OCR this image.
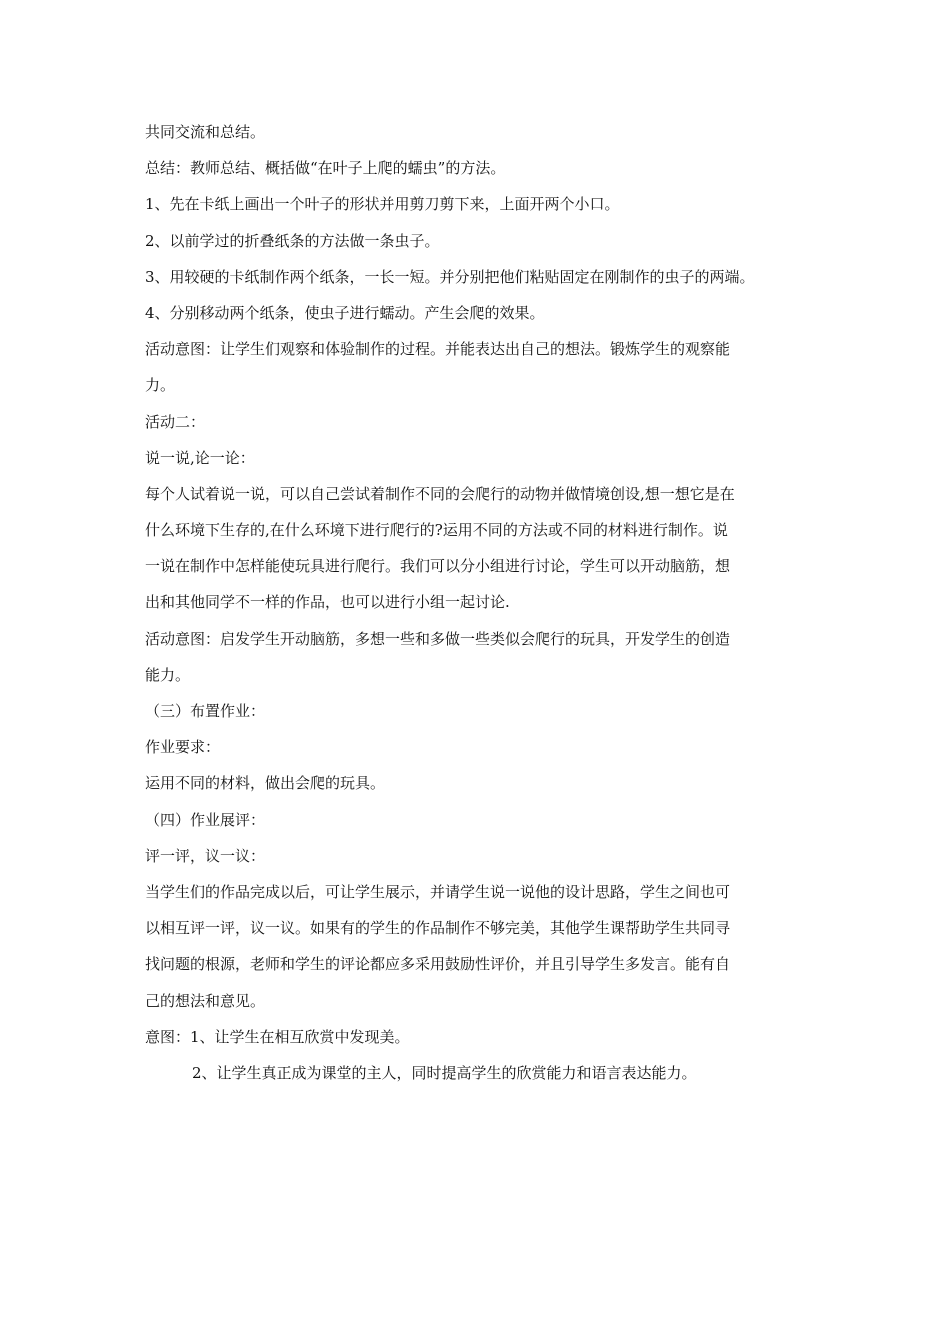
共同交流和总结。
总结：教师总结、概括做“在叶子上爬的蠕虫”的方法。
1、先在卡纸上画出一个叶子的形状并用剪刀剪下来，上面开两个小口。
2、以前学过的折叠纸条的方法做一条虫子。
3、用较硬的卡纸制作两个纸条，一长一短。并分别把他们粘贴固定在刚制作的虫子的两端。
4、分别移动两个纸条，使虫子进行蠕动。产生会爬的效果。
活动意图：让学生们观察和体验制作的过程。并能表达出自己的想法。锻炼学生的观察能
力。
活动二：
说一说,论一论：
每个人试着说一说，可以自己尝试着制作不同的会爬行的动物并做情境创设,想一想它是在
什么环境下生存的,在什么环境下进行爬行的?运用不同的方法或不同的材料进行制作。说
一说在制作中怎样能使玩具进行爬行。我们可以分小组进行讨论，学生可以开动脑筋，想
出和其他同学不一样的作品，也可以进行小组一起讨论.
活动意图：启发学生开动脑筋，多想一些和多做一些类似会爬行的玩具，开发学生的创造
能力。
（三）布置作业：
作业要求：
运用不同的材料，做出会爬的玩具。
（四）作业展评：
评一评，议一议：
当学生们的作品完成以后，可让学生展示，并请学生说一说他的设计思路，学生之间也可
以相互评一评，议一议。如果有的学生的作品制作不够完美，其他学生课帮助学生共同寻
找问题的根源，老师和学生的评论都应多采用鼓励性评价，并且引导学生多发言。能有自
己的想法和意见。
意图：1、让学生在相互欣赏中发现美。
2、让学生真正成为课堂的主人，同时提高学生的欣赏能力和语言表达能力。
